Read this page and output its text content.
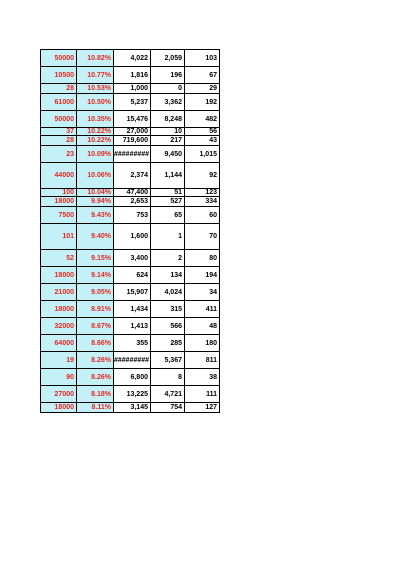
50000	10.82%	4,022	2,059	103
10500	10.77%	1,816	196	67
28	10.53%	1,000	0	29
61000	10.50%	5,237	3,362	192
50000	10.35%	15,476	8,248	482
37	10.22%	27,000	10	56
28	10.22%	719,600	217	43
23	10.09%	#########	9,450	1,015
44000	10.06%	2,374	1,144	92
100	10.04%	47,400	51	123
18000	9.94%	2,653	527	334
7500	9.43%	753	65	60
101	9.40%	1,600	1	70
52	9.15%	3,400	2	80
18000	9.14%	624	134	194
21000	9.05%	15,907	4,024	34
18000	8.91%	1,434	315	411
32000	8.67%	1,413	566	48
64000	8.66%	355	285	180
19	8.26%	#########	5,367	811
90	8.26%	6,800	8	38
27000	8.18%	13,225	4,721	111
18000	8.11%	3,145	754	127
